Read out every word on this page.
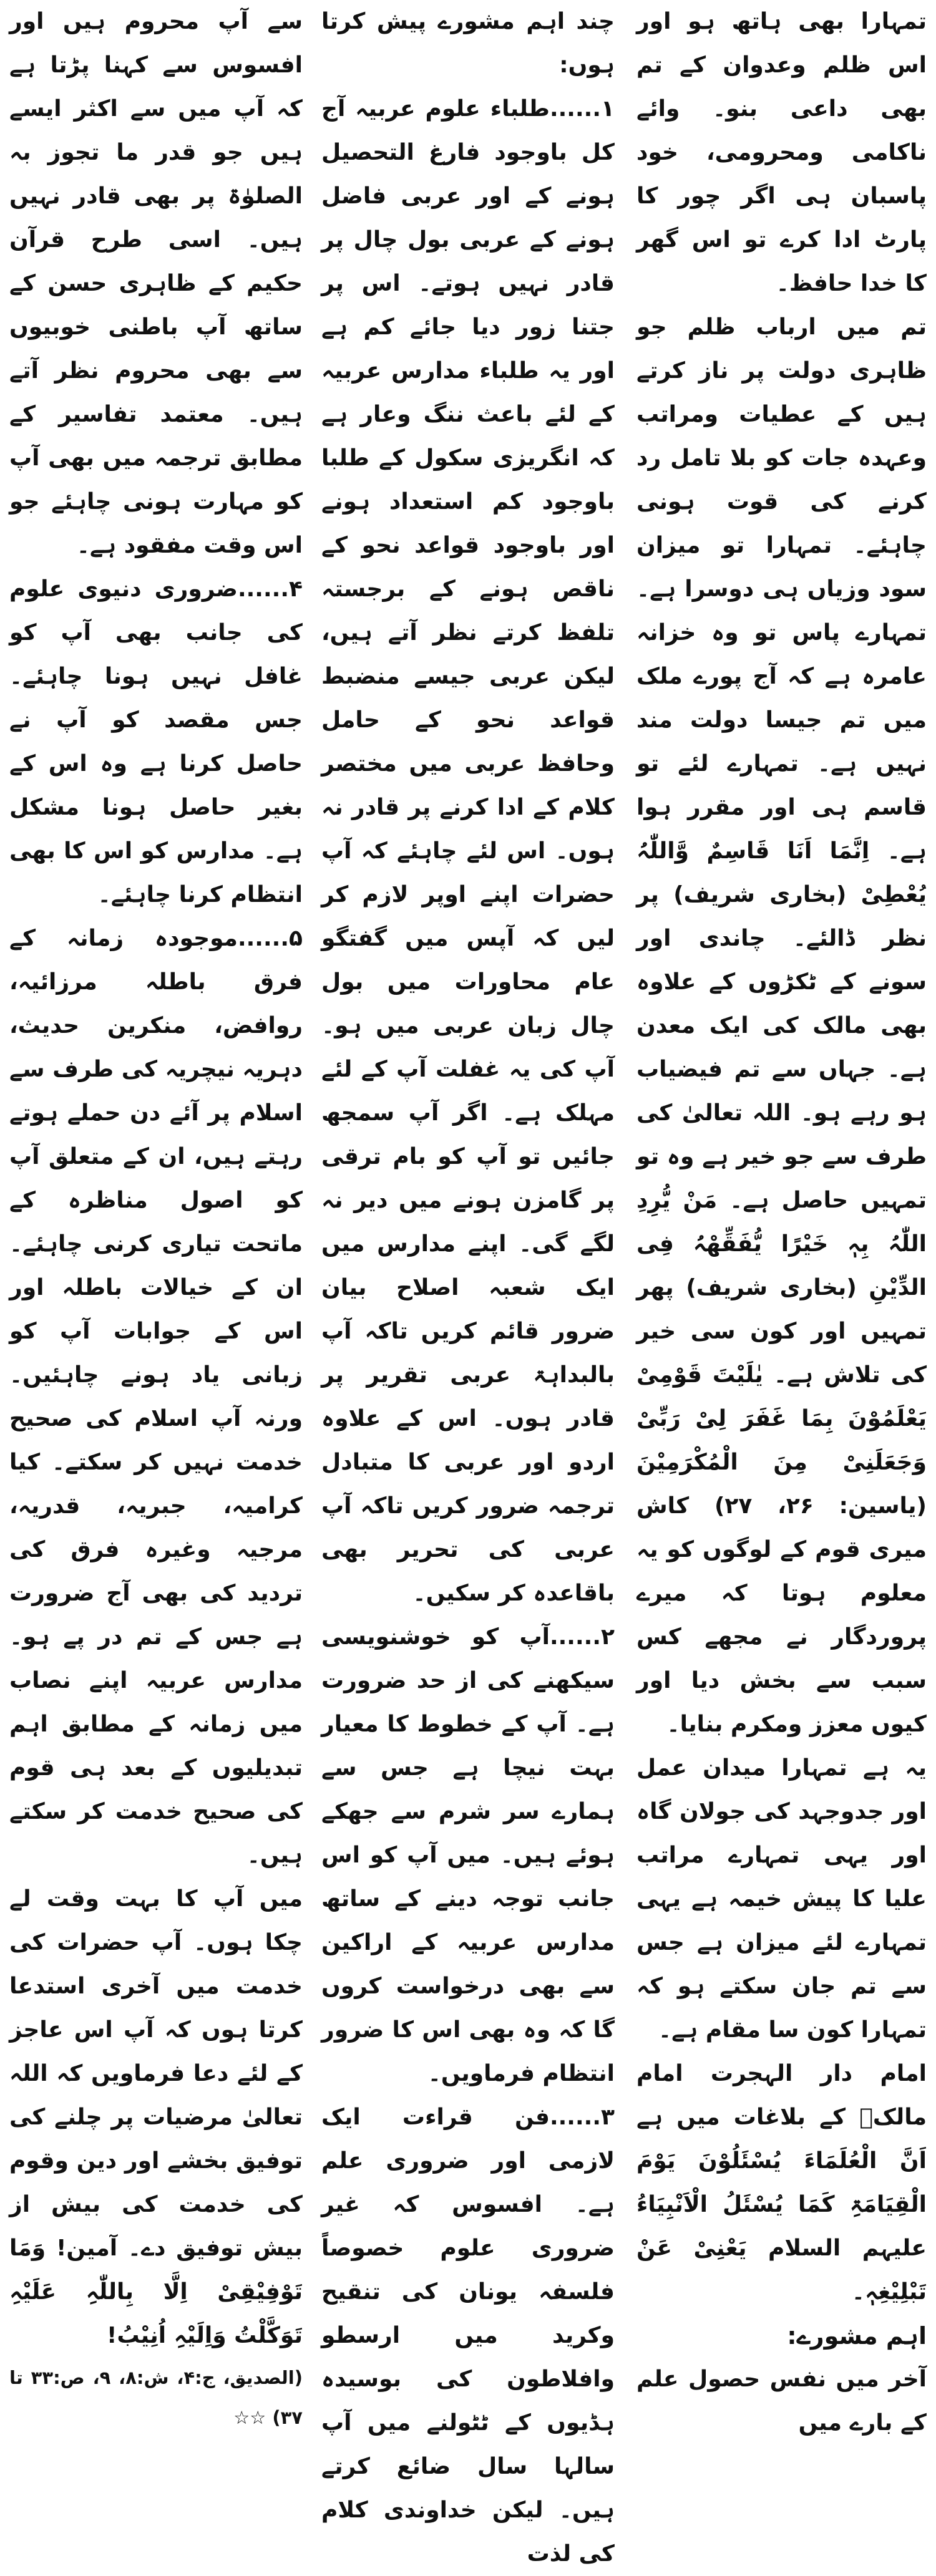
تمہارا بھی ہاتھ ہو اور اس ظلم وعدوان کے تم بھی داعی بنو۔ وائے ناکامی ومحرومی، خود پاسبان ہی اگر چور کا پارٹ ادا کرے تو اس گھر کا خدا حافظ۔

تم میں ارباب ظلم جو ظاہری دولت پر ناز کرتے ہیں کے عطیات ومراتب وعہدہ جات کو بلا تامل رد کرنے کی قوت ہونی چاہئے۔ تمہارا تو میزان سود وزیاں ہی دوسرا ہے۔ تمہارے پاس تو وہ خزانہ عامرہ ہے کہ آج پورے ملک میں تم جیسا دولت مند نہیں ہے۔ تمہارے لئے تو قاسم ہی اور مقرر ہوا ہے۔ اِنَّمَا اَنَا قَاسِمٌ وَّاللّٰہُ یُعْطِیْ (بخاری شریف) پر نظر ڈالئے۔ چاندی اور سونے کے ٹکڑوں کے علاوہ بھی مالک کی ایک معدن ہے۔ جہاں سے تم فیضیاب ہو رہے ہو۔ اللہ تعالیٰ کی طرف سے جو خیر ہے وہ تو تمہیں حاصل ہے۔ مَنْ یُّرِدِ اللّٰہُ بِہٖ خَیْرًا یُّفَقِّھْہُ فِی الدِّیْنِ (بخاری شریف) پھر تمہیں اور کون سی خیر کی تلاش ہے۔ یٰلَیْتَ قَوْمِیْ یَعْلَمُوْنَ بِمَا غَفَرَ لِیْ رَبِّیْ وَجَعَلَنِیْ مِنَ الْمُکْرَمِیْنَ (یاسین: ۲۶، ۲۷) کاش میری قوم کے لوگوں کو یہ معلوم ہوتا کہ میرے پروردگار نے مجھے کس سبب سے بخش دیا اور کیوں معزز ومکرم بنایا۔

یہ ہے تمہارا میدان عمل اور جدوجہد کی جولان گاہ اور یہی تمہارے مراتب علیا کا پیش خیمہ ہے یہی تمہارے لئے میزان ہے جس سے تم جان سکتے ہو کہ تمہارا کون سا مقام ہے۔

امام دار الہجرت امام مالکؒ کے بلاغات میں ہے اَنَّ الْعُلَمَاءَ یُسْئَلُوْنَ یَوْمَ الْقِیَامَۃِ کَمَا یُسْئَلُ الْاَنْبِیَاءُ علیہم السلام یَعْنِیْ عَنْ تَبْلِیْغِہٖ۔

اہم مشورے:

آخر میں نفس حصول علم کے بارے میں

چند اہم مشورے پیش کرتا ہوں:

۱......طلباء علوم عربیہ آج کل باوجود فارغ التحصیل ہونے کے اور عربی فاضل ہونے کے عربی بول چال پر قادر نہیں ہوتے۔ اس پر جتنا زور دیا جائے کم ہے اور یہ طلباء مدارس عربیہ کے لئے باعث ننگ وعار ہے کہ انگریزی سکول کے طلبا باوجود کم استعداد ہونے اور باوجود قواعد نحو کے ناقص ہونے کے برجستہ تلفظ کرتے نظر آتے ہیں، لیکن عربی جیسے منضبط قواعد نحو کے حامل وحافظ عربی میں مختصر کلام کے ادا کرنے پر قادر نہ ہوں۔ اس لئے چاہئے کہ آپ حضرات اپنے اوپر لازم کر لیں کہ آپس میں گفتگو عام محاورات میں بول چال زبان عربی میں ہو۔ آپ کی یہ غفلت آپ کے لئے مہلک ہے۔ اگر آپ سمجھ جائیں تو آپ کو بام ترقی پر گامزن ہونے میں دیر نہ لگے گی۔ اپنے مدارس میں ایک شعبہ اصلاح بیان ضرور قائم کریں تاکہ آپ بالبداہۃ عربی تقریر پر قادر ہوں۔ اس کے علاوہ اردو اور عربی کا متبادل ترجمہ ضرور کریں تاکہ آپ عربی کی تحریر بھی باقاعدہ کر سکیں۔

۲......آپ کو خوشنویسی سیکھنے کی از حد ضرورت ہے۔ آپ کے خطوط کا معیار بہت نیچا ہے جس سے ہمارے سر شرم سے جھکے ہوئے ہیں۔ میں آپ کو اس جانب توجہ دینے کے ساتھ مدارس عربیہ کے اراکین سے بھی درخواست کروں گا کہ وہ بھی اس کا ضرور انتظام فرماویں۔

۳......فن قراءت ایک لازمی اور ضروری علم ہے۔ افسوس کہ غیر ضروری علوم خصوصاً فلسفہ یونان کی تنقیح وکرید میں ارسطو وافلاطون کی بوسیدہ ہڈیوں کے ٹٹولنے میں آپ سالہا سال ضائع کرتے ہیں۔ لیکن خداوندی کلام کی لذت

سے آپ محروم ہیں اور افسوس سے کہنا پڑتا ہے کہ آپ میں سے اکثر ایسے ہیں جو قدر ما تجوز بہ الصلوٰۃ پر بھی قادر نہیں ہیں۔ اسی طرح قرآن حکیم کے ظاہری حسن کے ساتھ آپ باطنی خوبیوں سے بھی محروم نظر آتے ہیں۔ معتمد تفاسیر کے مطابق ترجمہ میں بھی آپ کو مہارت ہونی چاہئے جو اس وقت مفقود ہے۔

۴......ضروری دنیوی علوم کی جانب بھی آپ کو غافل نہیں ہونا چاہئے۔ جس مقصد کو آپ نے حاصل کرنا ہے وہ اس کے بغیر حاصل ہونا مشکل ہے۔ مدارس کو اس کا بھی انتظام کرنا چاہئے۔

۵......موجودہ زمانہ کے فرق باطلہ مرزائیہ، روافض، منکرین حدیث، دہریہ نیچریہ کی طرف سے اسلام پر آئے دن حملے ہوتے رہتے ہیں، ان کے متعلق آپ کو اصول مناظرہ کے ماتحت تیاری کرنی چاہئے۔ ان کے خیالات باطلہ اور اس کے جوابات آپ کو زبانی یاد ہونے چاہئیں۔ ورنہ آپ اسلام کی صحیح خدمت نہیں کر سکتے۔ کیا کرامیہ، جبریہ، قدریہ، مرجیہ وغیرہ فرق کی تردید کی بھی آج ضرورت ہے جس کے تم در پے ہو۔ مدارس عربیہ اپنے نصاب میں زمانہ کے مطابق اہم تبدیلیوں کے بعد ہی قوم کی صحیح خدمت کر سکتے ہیں۔

میں آپ کا بہت وقت لے چکا ہوں۔ آپ حضرات کی خدمت میں آخری استدعا کرتا ہوں کہ آپ اس عاجز کے لئے دعا فرماویں کہ اللہ تعالیٰ مرضیات پر چلنے کی توفیق بخشے اور دین وقوم کی خدمت کی بیش از بیش توفیق دے۔ آمین! وَمَا تَوْفِیْقِیْ اِلَّا بِاللّٰہِ عَلَیْہِ تَوَکَّلْتُ وَاِلَیْہِ اُنِیْبُ!

(الصدیق، ج:۴، ش:۸، ۹، ص:۳۳ تا ۳۷) ☆☆
